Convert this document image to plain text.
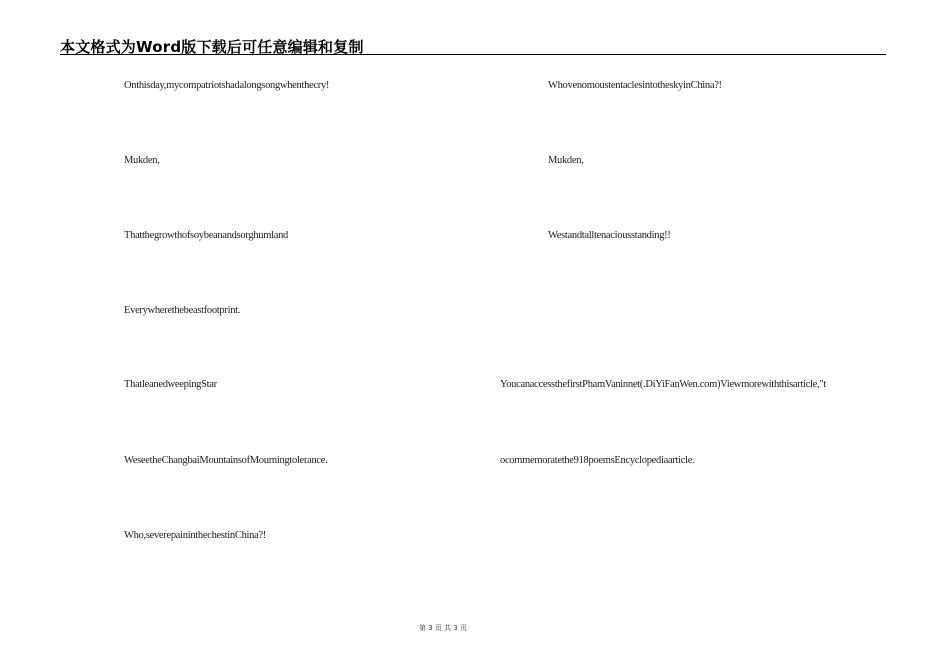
本文格式为Word版下载后可任意编辑和复制
Onthisday,mycompatriotshadalongsongwhenthecry!
Mukden,
Thatthegrowthofsoybeanandsorghumland
Everywherethebeastfootprint.
ThatleanedweepingStar
WeseetheChangbaiMountainsofMourningtolerance.
Who,severepaininthechestinChina?!
WhovenomoustentaclesintotheskyinChina?!
Mukden,
Westandtalltenaciousstanding!!
YoucanaccessthefirstPhamVaninnet(.DiYiFanWen.com)Viewmorewiththisarticle,"t
ocommemoratethe918poemsEncyclopediaarticle.
第 3 页 共 3 页
